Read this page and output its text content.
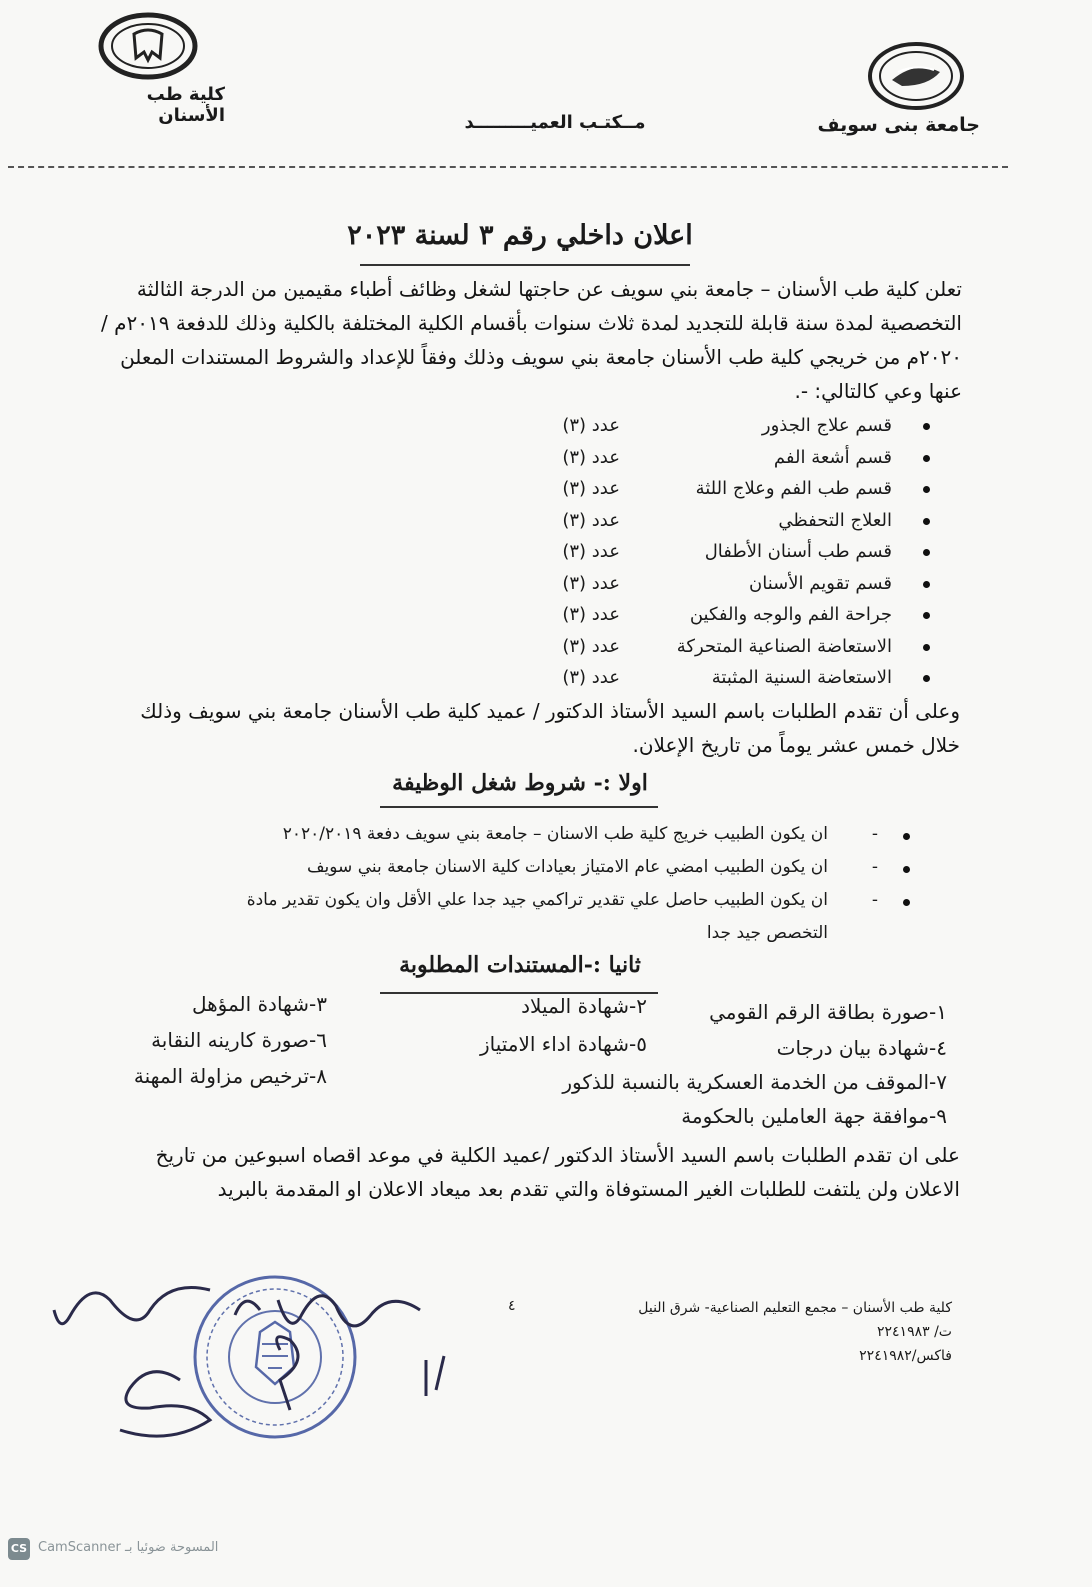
جامعة بنى سويف
كلية طب الأسنان	مــكتـب العميـــــــــد
اعلان داخلي رقم ٣ لسنة ٢٠٢٣
تعلن كلية طب الأسنان – جامعة بني سويف عن حاجتها لشغل وظائف أطباء مقيمين من الدرجة الثالثة التخصصية لمدة سنة قابلة للتجديد لمدة ثلاث سنوات بأقسام الكلية المختلفة بالكلية وذلك للدفعة ٢٠١٩م / ٢٠٢٠م من خريجي كلية طب الأسنان جامعة بني سويف وذلك وفقاً للإعداد والشروط المستندات المعلن عنها وعي كالتالي: -.
قسم علاج الجذور
عدد (٣)
قسم أشعة الفم
عدد (٣)
قسم طب الفم وعلاج اللثة
عدد (٣)
العلاج التحفظي
عدد (٣)
قسم طب أسنان الأطفال
عدد (٣)
قسم تقويم الأسنان
عدد (٣)
جراحة الفم والوجه والفكين
عدد (٣)
الاستعاضة الصناعية المتحركة
عدد (٣)
الاستعاضة السنية المثبتة
عدد (٣)
وعلى أن تقدم الطلبات باسم السيد الأستاذ الدكتور / عميد كلية طب الأسنان جامعة بني سويف وذلك خلال خمس عشر يوماً من تاريخ الإعلان.
اولا :- شروط شغل الوظيفة
-
ان يكون الطبيب خريج كلية طب الاسنان – جامعة بني سويف دفعة ٢٠٢٠/٢٠١٩
-
ان يكون الطبيب امضي عام الامتياز بعيادات كلية الاسنان جامعة بني سويف
-
ان يكون الطبيب حاصل علي تقدير تراكمي جيد جدا علي الأقل وان يكون تقدير مادة التخصص جيد جدا
ثانيا :-المستندات المطلوبة
١-صورة بطاقة الرقم القومي
٢-شهادة الميلاد
٣-شهادة المؤهل
٤-شهادة بيان درجات
٥-شهادة اداء الامتياز
٦-صورة كارينه النقابة
٧-الموقف من الخدمة العسكرية بالنسبة للذكور
٨-ترخيص مزاولة المهنة
٩-موافقة جهة العاملين بالحكومة
على ان تقدم الطلبات باسم السيد الأستاذ الدكتور /عميد الكلية في موعد اقصاه اسبوعين من تاريخ الاعلان ولن يلتفت للطلبات الغير المستوفاة والتي تقدم بعد ميعاد الاعلان او المقدمة بالبريد
كلية طب الأسنان – مجمع التعليم الصناعية- شرق النيل
ت/ ٢٢٤١٩٨٣
فاكس/٢٢٤١٩٨٢
٤
CS CamScanner المسوحة ضوئيا بـ
